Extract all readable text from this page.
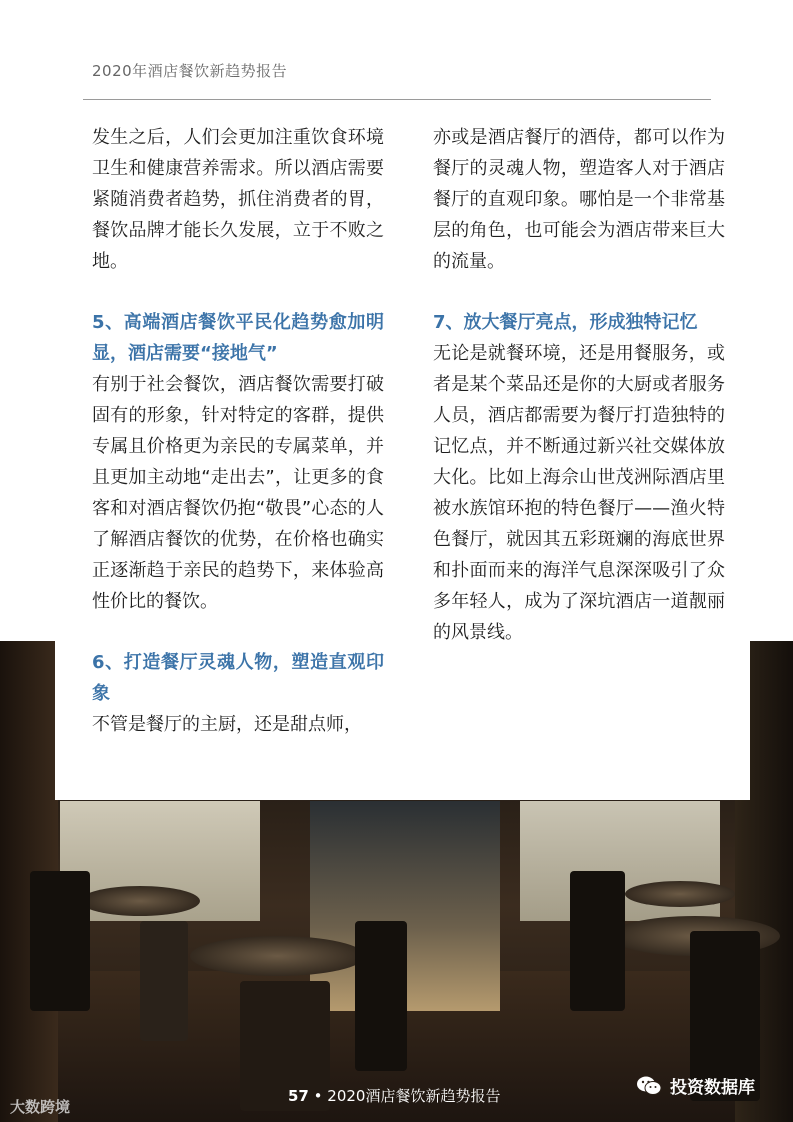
2020年酒店餐饮新趋势报告

发生之后，人们会更加注重饮食环境卫生和健康营养需求。所以酒店需要紧随消费者趋势，抓住消费者的胃，餐饮品牌才能长久发展，立于不败之地。

5、高端酒店餐饮平民化趋势愈加明显，酒店需要“接地气”

有别于社会餐饮，酒店餐饮需要打破固有的形象，针对特定的客群，提供专属且价格更为亲民的专属菜单，并且更加主动地“走出去”，让更多的食客和对酒店餐饮仍抱“敬畏”心态的人了解酒店餐饮的优势，在价格也确实正逐渐趋于亲民的趋势下，来体验高性价比的餐饮。

6、打造餐厅灵魂人物，塑造直观印象

不管是餐厅的主厨，还是甜点师，

亦或是酒店餐厅的酒侍，都可以作为餐厅的灵魂人物，塑造客人对于酒店餐厅的直观印象。哪怕是一个非常基层的角色，也可能会为酒店带来巨大的流量。

7、放大餐厅亮点，形成独特记忆

无论是就餐环境，还是用餐服务，或者是某个菜品还是你的大厨或者服务人员，酒店都需要为餐厅打造独特的记忆点，并不断通过新兴社交媒体放大化。比如上海佘山世茂洲际酒店里被水族馆环抱的特色餐厅——渔火特色餐厅，就因其五彩斑斓的海底世界和扑面而来的海洋气息深深吸引了众多年轻人，成为了深坑酒店一道靓丽的风景线。

57 • 2020酒店餐饮新趋势报告
大数跨境
投资数据库
